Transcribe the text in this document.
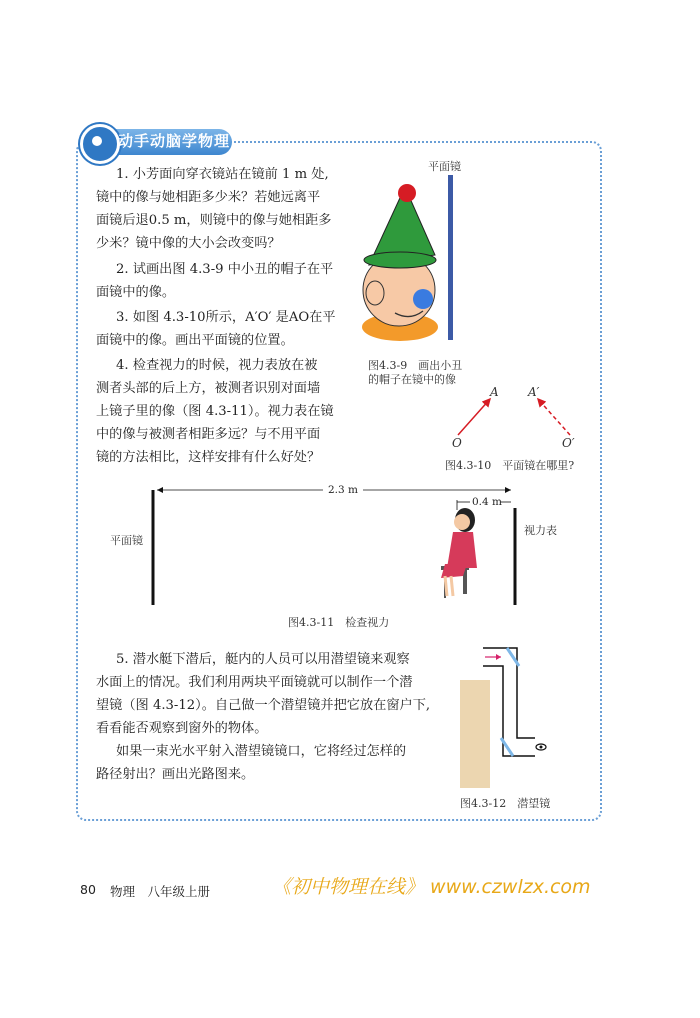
动手动脑学物理
1. 小芳面向穿衣镜站在镜前 1 m 处,
镜中的像与她相距多少米？若她远离平
面镜后退0.5 m，则镜中的像与她相距多
少米？镜中像的大小会改变吗？
2. 试画出图 4.3-9 中小丑的帽子在平
面镜中的像。
3. 如图 4.3-10所示，A′O′ 是AO在平
面镜中的像。画出平面镜的位置。
4. 检查视力的时候，视力表放在被
测者头部的后上方，被测者识别对面墙
上镜子里的像（图 4.3-11）。视力表在镜
中的像与被测者相距多远？与不用平面
镜的方法相比，这样安排有什么好处？
平面镜
图4.3-9　画出小丑
的帽子在镜中的像
A A′
O	O′
图4.3-10　平面镜在哪里?
2.3 m
0.4 m
平面镜
视力表
图4.3-11　检查视力
5. 潜水艇下潜后，艇内的人员可以用潜望镜来观察
水面上的情况。我们利用两块平面镜就可以制作一个潜
望镜（图 4.3-12）。自己做一个潜望镜并把它放在窗户下,
看看能否观察到窗外的物体。
如果一束光水平射入潜望镜镜口，它将经过怎样的
路径射出？画出光路图来。
图4.3-12　潜望镜
80 物理　八年级上册	《初中物理在线》 www.czwlzx.com
